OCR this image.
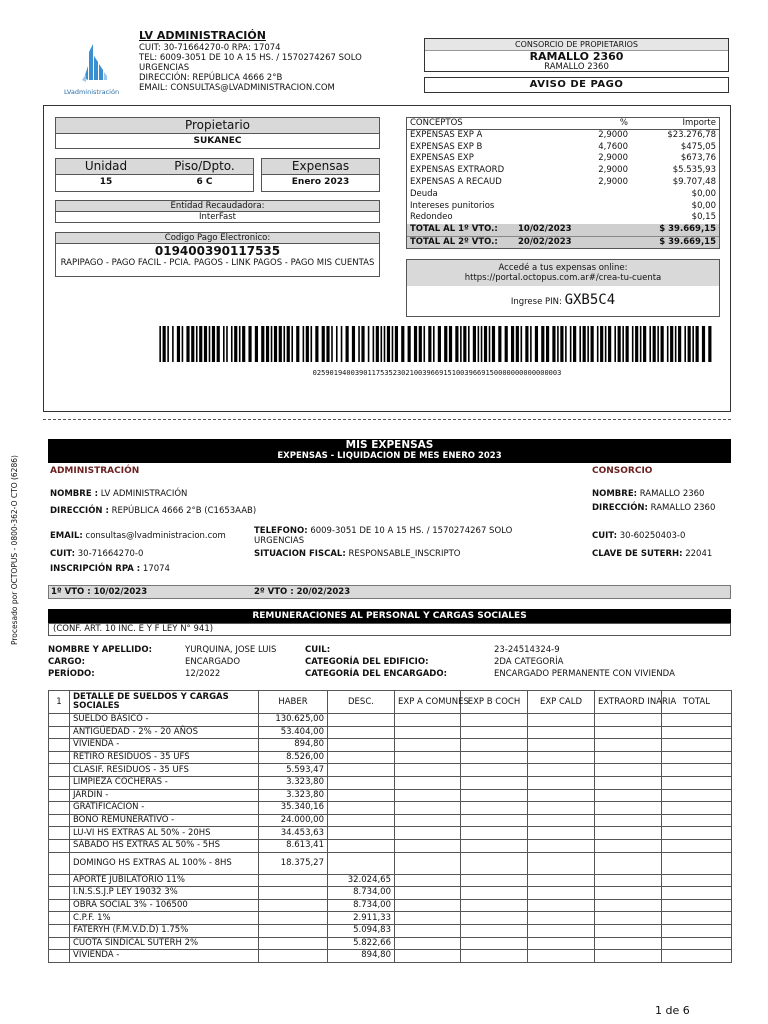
LVadministración
LV ADMINISTRACIÓN
CUIT: 30-71664270-0 RPA: 17074
TEL: 6009-3051 DE 10 A 15 HS. / 1570274267 SOLO URGENCIAS
DIRECCIÓN: REPÚBLICA 4666 2°B
EMAIL: CONSULTAS@LVADMINISTRACION.COM
CONSORCIO DE PROPIETARIOS
RAMALLO 2360
RAMALLO 2360
AVISO DE PAGO
Propietario
SUKANEC
Unidad	Piso/Dpto.
15	6 C
Expensas
Enero 2023
Entidad Recaudadora:
InterFast
Codigo Pago Electronico:
019400390117535
RAPIPAGO - PAGO FACIL - PCIA. PAGOS - LINK PAGOS - PAGO MIS CUENTAS
CONCEPTOS	%	Importe
EXPENSAS EXP A	2,9000	$23.276,78
EXPENSAS EXP B	4,7600	$475,05
EXPENSAS EXP	2,9000	$673,76
EXPENSAS EXTRAORD	2,9000	$5.535,93
EXPENSAS A RECAUD	2,9000	$9.707,48
Deuda	$0,00
Intereses punitorios	$0,00
Redondeo	$0,15
TOTAL AL 1º VTO.:	10/02/2023	$ 39.669,15
TOTAL AL 2º VTO.:	20/02/2023	$ 39.669,15
Accedé a tus expensas online:
https://portal.octopus.com.ar#/crea-tu-cuenta
Ingrese PIN: GXB5C4
02590194003901175352302100396691510039669150000000000000003
Procesado por OCTOPUS - 0800-362-O CTO (6286)
MIS EXPENSAS
EXPENSAS - LIQUIDACION DE MES ENERO 2023
ADMINISTRACIÓN	CONSORCIO
NOMBRE : LV ADMINISTRACIÓN
DIRECCIÓN : REPÚBLICA 4666 2°B (C1653AAB)
EMAIL: consultas@lvadministracion.com	TELEFONO: 6009-3051 DE 10 A 15 HS. / 1570274267 SOLO URGENCIAS
CUIT: 30-71664270-0	SITUACION FISCAL: RESPONSABLE_INSCRIPTO
INSCRIPCIÓN RPA : 17074
NOMBRE: RAMALLO 2360
DIRECCIÓN: RAMALLO 2360
CUIT: 30-60250403-0
CLAVE DE SUTERH: 22041
1º VTO : 10/02/2023	2º VTO : 20/02/2023
REMUNERACIONES AL PERSONAL Y CARGAS SOCIALES
(CONF. ART. 10 INC. E Y F LEY N° 941)
NOMBRE Y APELLIDO:	YURQUINA, JOSE LUIS
CARGO:	ENCARGADO
PERÍODO:	12/2022
CUIL:	23-24514324-9
CATEGORÍA DEL EDIFICIO:	2DA CATEGORÍA
CATEGORÍA DEL ENCARGADO:	ENCARGADO PERMANENTE CON VIVIENDA
1	DETALLE DE SUELDOS Y CARGAS SOCIALES	HABER	DESC.	EXP A COMUNES	EXP B COCH	EXP CALD	EXTRAORD INARIA	TOTAL
	SUELDO BÁSICO -	130.625,00						
	ANTIGÜEDAD - 2% - 20 AÑOS	53.404,00						
	VIVIENDA -	894,80						
	RETIRO RESIDUOS - 35 UFS	8.526,00						
	CLASIF. RESIDUOS - 35 UFS	5.593,47						
	LIMPIEZA COCHERAS -	3.323,80						
	JARDIN -	3.323,80						
	GRATIFICACION -	35.340,16						
	BONO REMUNERATIVO -	24.000,00						
	LU-VI HS EXTRAS AL 50% - 20HS	34.453,63						
	SÁBADO HS EXTRAS AL 50% - 5HS	8.613,41						
	DOMINGO HS EXTRAS AL 100% - 8HS	18.375,27						
	APORTE JUBILATORIO 11%		32.024,65					
	I.N.S.S.J.P LEY 19032 3%		8.734,00					
	OBRA SOCIAL 3% - 106500		8.734,00					
	C.P.F. 1%		2.911,33					
	FATERYH (F.M.V.D.D) 1.75%		5.094,83					
	CUOTA SINDICAL SUTERH 2%		5.822,66					
	VIVIENDA -		894,80					
1 de 6
